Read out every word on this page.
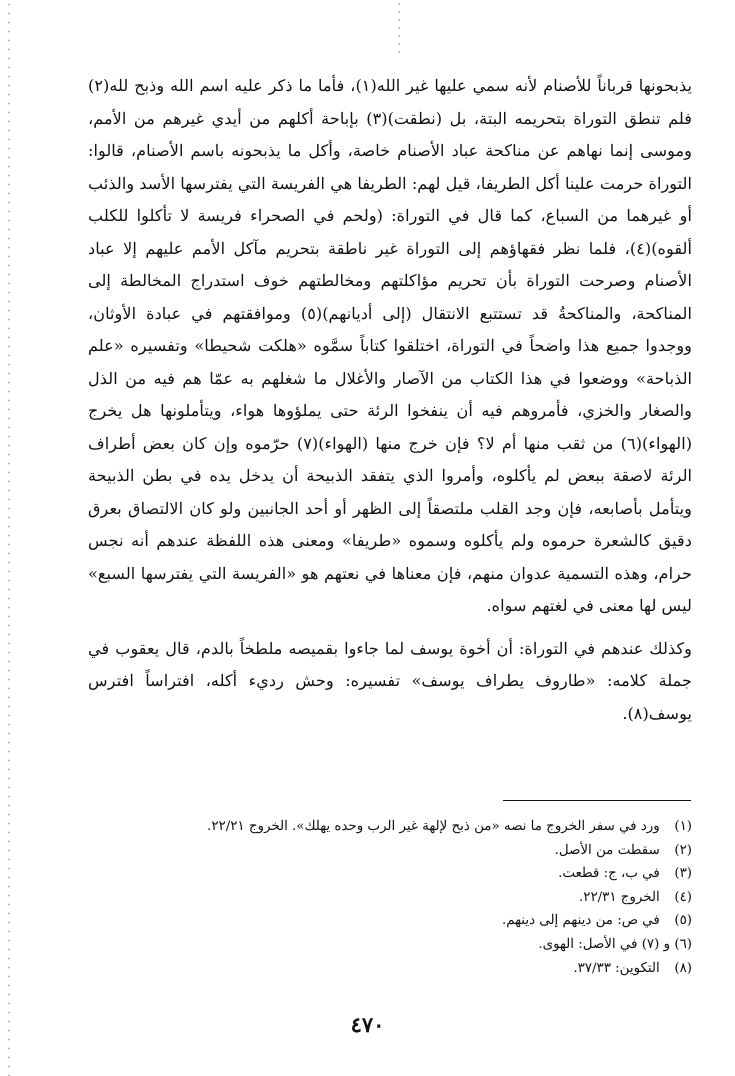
يذبحونها قرباناً للأصنام لأنه سمي عليها غير الله(١)، فأما ما ذكر عليه اسم الله وذبح لله(٢) فلم تنطق التوراة بتحريمه البتة، بل (نطقت)(٣) بإباحة أكلهم من أيدي غيرهم من الأمم، وموسى إنما نهاهم عن مناكحة عباد الأصنام خاصة، وأكل ما يذبحونه باسم الأصنام، قالوا: التوراة حرمت علينا أكل الطريفا، قيل لهم: الطريفا هي الفريسة التي يفترسها الأسد والذئب أو غيرهما من السباع، كما قال في التوراة: (ولحم في الصحراء فريسة لا تأكلوا للكلب ألقوه)(٤)، فلما نظر فقهاؤهم إلى التوراة غير ناطقة بتحريم مآكل الأمم عليهم إلا عباد الأصنام وصرحت التوراة بأن تحريم مؤاكلتهم ومخالطتهم خوف استدراج المخالطة إلى المناكحة، والمناكحةُ قد تستتبع الانتقال (إلى أديانهم)(٥) وموافقتهم في عبادة الأوثان، ووجدوا جميع هذا واضحاً في التوراة، اختلقوا كتاباً سمَّوه «هلكت شحيطا» وتفسيره «علم الذباحة» ووضعوا في هذا الكتاب من الآصار والأغلال ما شغلهم به عمّا هم فيه من الذل والصغار والخزي، فأمروهم فيه أن ينفخوا الرئة حتى يملؤوها هواء، ويتأملونها هل يخرج (الهواء)(٦) من ثقب منها أم لا؟ فإن خرج منها (الهواء)(٧) حرّموه وإن كان بعض أطراف الرئة لاصقة ببعض لم يأكلوه، وأمروا الذي يتفقد الذبيحة أن يدخل يده في بطن الذبيحة ويتأمل بأصابعه، فإن وجد القلب ملتصقاً إلى الظهر أو أحد الجانبين ولو كان الالتصاق بعرق دقيق كالشعرة حرموه ولم يأكلوه وسموه «طريفا» ومعنى هذه اللفظة عندهم أنه نجس حرام، وهذه التسمية عدوان منهم، فإن معناها في نعتهم هو «الفريسة التي يفترسها السبع» ليس لها معنى في لغتهم سواه.

وكذلك عندهم في التوراة: أن أخوة يوسف لما جاءوا بقميصه ملطخاً بالدم، قال يعقوب في جملة كلامه: «طاروف يطراف يوسف» تفسيره: وحش رديء أكله، افتراساً افترس يوسف(٨).

(١) ورد في سفر الخروج ما نصه «من ذبح لإلهة غير الرب وحده يهلك». الخروج ٢٢/٢١.
(٢) سقطت من الأصل.
(٣) في ب، ج: قطعت.
(٤) الخروج ٢٢/٣١.
(٥) في ص: من دينهم إلى دينهم.
(٦) و (٧) في الأصل: الهوى.
(٨) التكوين: ٣٧/٣٣.
٤٧٠
